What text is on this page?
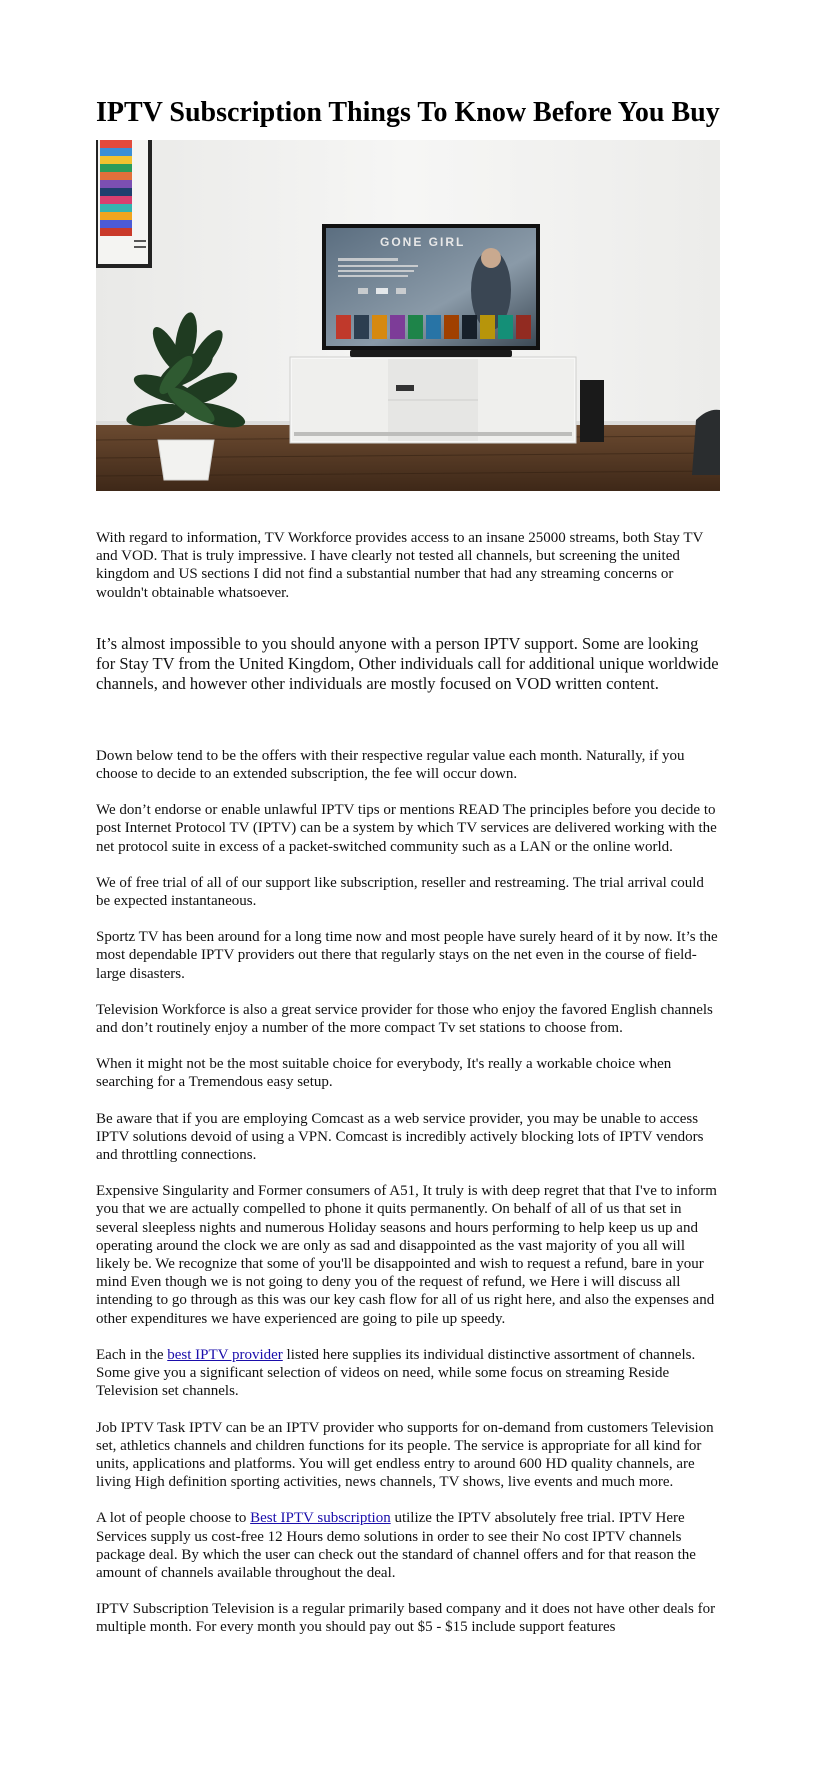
IPTV Subscription Things To Know Before You Buy
GONE GIRL

With regard to information, TV Workforce provides access to an insane 25000 streams, both Stay TV and VOD. That is truly impressive. I have clearly not tested all channels, but screening the united kingdom and US sections I did not find a substantial number that had any streaming concerns or wouldn't obtainable whatsoever.

It’s almost impossible to you should anyone with a person IPTV support. Some are looking for Stay TV from the United Kingdom, Other individuals call for additional unique worldwide channels, and however other individuals are mostly focused on VOD written content.

Down below tend to be the offers with their respective regular value each month. Naturally, if you choose to decide to an extended subscription, the fee will occur down.

We don’t endorse or enable unlawful IPTV tips or mentions READ The principles before you decide to post Internet Protocol TV (IPTV) can be a system by which TV services are delivered working with the net protocol suite in excess of a packet-switched community such as a LAN or the online world.

We of free trial of all of our support like subscription, reseller and restreaming. The trial arrival could be expected instantaneous.

Sportz TV has been around for a long time now and most people have surely heard of it by now. It’s the most dependable IPTV providers out there that regularly stays on the net even in the course of field-large disasters.

Television Workforce is also a great service provider for those who enjoy the favored English channels and don’t routinely enjoy a number of the more compact Tv set stations to choose from.

When it might not be the most suitable choice for everybody, It's really a workable choice when searching for a Tremendous easy setup.

Be aware that if you are employing Comcast as a web service provider, you may be unable to access IPTV solutions devoid of using a VPN. Comcast is incredibly actively blocking lots of IPTV vendors and throttling connections.

Expensive Singularity and Former consumers of A51, It truly is with deep regret that that I've to inform you that we are actually compelled to phone it quits permanently. On behalf of all of us that set in several sleepless nights and numerous Holiday seasons and hours performing to help keep us up and operating around the clock we are only as sad and disappointed as the vast majority of you all will likely be. We recognize that some of you'll be disappointed and wish to request a refund, bare in your mind Even though we is not going to deny you of the request of refund, we Here i will discuss all intending to go through as this was our key cash flow for all of us right here, and also the expenses and other expenditures we have experienced are going to pile up speedy.

Each in the best IPTV provider listed here supplies its individual distinctive assortment of channels. Some give you a significant selection of videos on need, while some focus on streaming Reside Television set channels.

Job IPTV Task IPTV can be an IPTV provider who supports for on-demand from customers Television set, athletics channels and children functions for its people. The service is appropriate for all kind for units, applications and platforms. You will get endless entry to around 600 HD quality channels, are living High definition sporting activities, news channels, TV shows, live events and much more.

A lot of people choose to Best IPTV subscription utilize the IPTV absolutely free trial. IPTV Here Services supply us cost-free 12 Hours demo solutions in order to see their No cost IPTV channels package deal. By which the user can check out the standard of channel offers and for that reason the amount of channels available throughout the deal.

IPTV Subscription Television is a regular primarily based company and it does not have other deals for multiple month. For every month you should pay out $5 - $15 include support features
